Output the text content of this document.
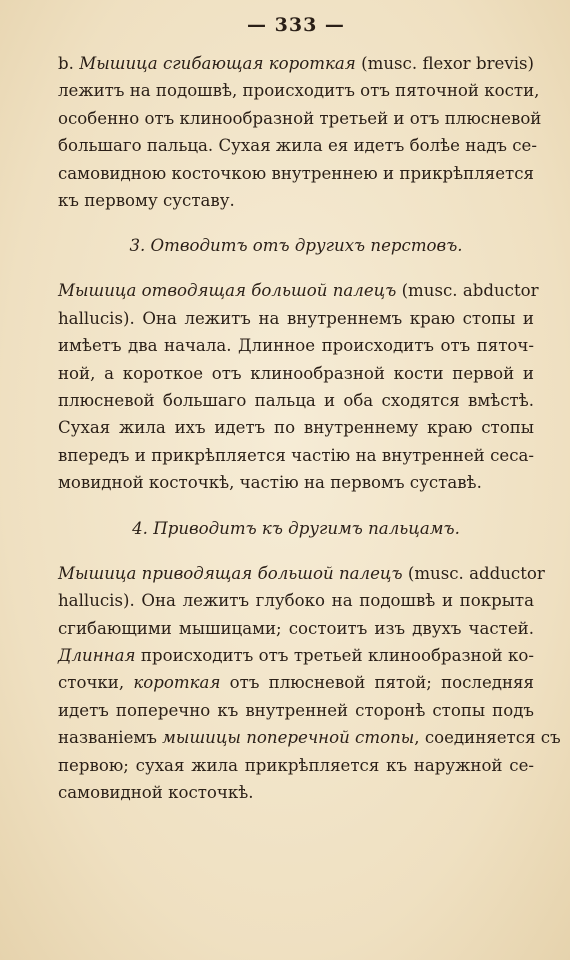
— 333 —
b. Мышица сгибающая короткая (musc. flexor brevis)
лежитъ на подошвѣ, происходитъ отъ пяточной кости,
особенно отъ клинообразной третьей и отъ плюсневой
большаго пальца. Сухая жила ея идетъ болѣе надъ се-
самовидною косточкою внутреннею и прикрѣпляется
къ первому суставу.
3. Отводитъ отъ другихъ перстовъ.
Мышица отводящая большой палецъ (musc. abductor
hallucis). Она лежитъ на внутреннемъ краю стопы и
имѣетъ два начала. Длинное происходитъ отъ пяточ-
ной, а короткое отъ клинообразной кости первой и
плюсневой большаго пальца и оба сходятся вмѣстѣ.
Сухая жила ихъ идетъ по внутреннему краю стопы
впередъ и прикрѣпляется частію на внутренней сеса-
мовидной косточкѣ, частію на первомъ суставѣ.
4. Приводитъ къ другимъ пальцамъ.
Мышица приводящая большой палецъ (musc. adductor
hallucis). Она лежитъ глубоко на подошвѣ и покрыта
сгибающими мышицами; состоитъ изъ двухъ частей.
Длинная происходитъ отъ третьей клинообразной ко-
сточки, короткая отъ плюсневой пятой; последняя
идетъ поперечно къ внутренней сторонѣ стопы подъ
названіемъ мышицы поперечной стопы, соединяется съ
первою; сухая жила прикрѣпляется къ наружной се-
самовидной косточкѣ.
